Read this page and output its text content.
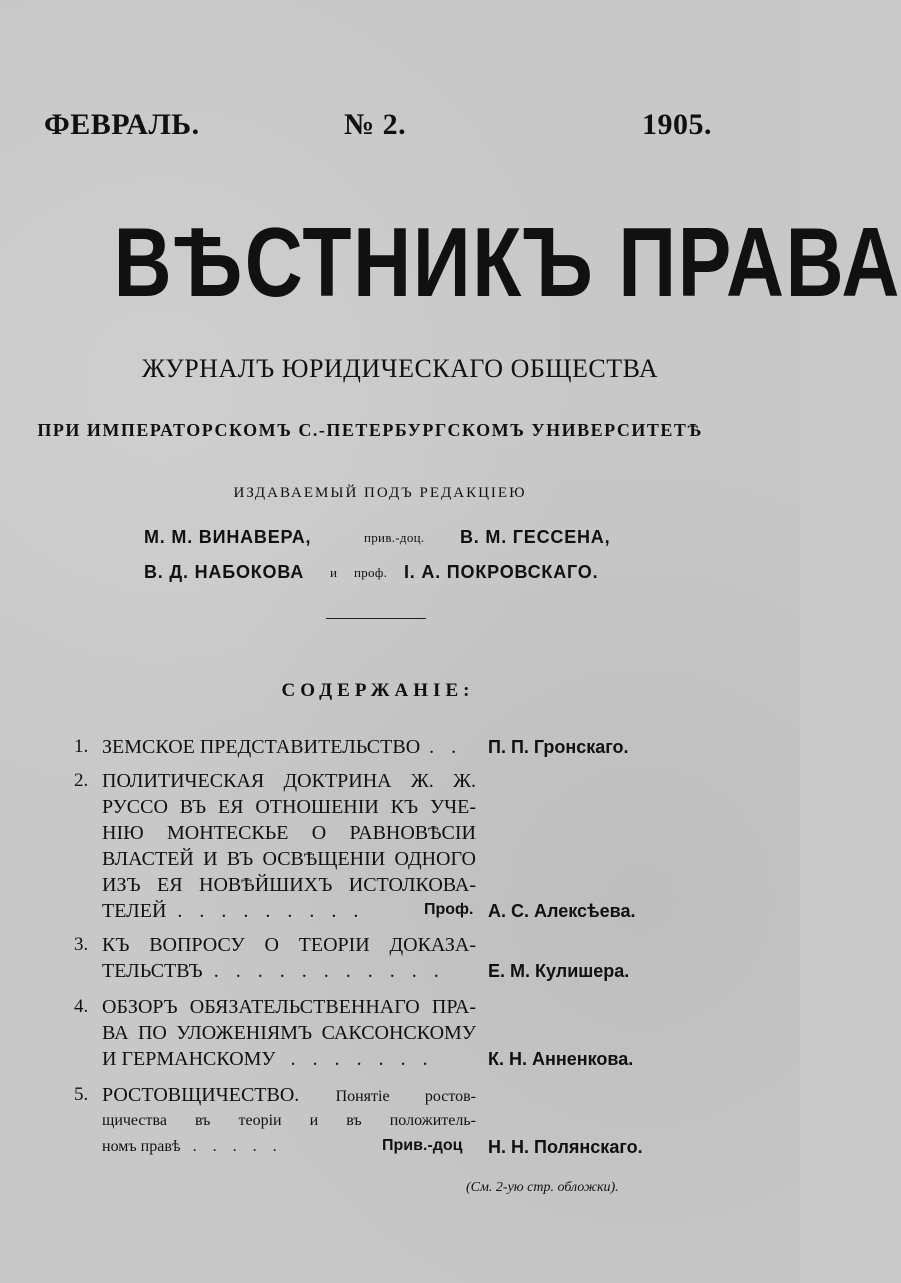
ФЕВРАЛЬ.	№ 2.	1905.
ВѢСТНИКЪ ПРАВА
ЖУРНАЛЪ ЮРИДИЧЕСКАГО ОБЩЕСТВА
ПРИ ИМПЕРАТОРСКОМЪ С.-ПЕТЕРБУРГСКОМЪ УНИВЕРСИТЕТѢ
ИЗДАВАЕМЫЙ ПОДЪ РЕДАКЦІЕЮ
М. М. ВИНАВЕРА,	прив.-доц. В. М. ГЕССЕНА,
В. Д. НАБОКОВА и проф. І. А. ПОКРОВСКАГО.
СОДЕРЖАНІЕ:
1. ЗЕМСКОЕ ПРЕДСТАВИТЕЛЬСТВО . .	П. П. Гронскаго.
2. ПОЛИТИЧЕСКАЯ ДОКТРИНА Ж. Ж.
РУССО ВЪ ЕЯ ОТНОШЕНІИ КЪ УЧЕ-
НІЮ МОНТЕСКЬЕ О РАВНОВѢСІИ
ВЛАСТЕЙ И ВЪ ОСВѢЩЕНІИ ОДНОГО
ИЗЪ ЕЯ НОВѢЙШИХЪ ИСТОЛКОВА-
ТЕЛЕЙ . . . . . . . . .	Проф. А. С. Алексѣева.
3. КЪ ВОПРОСУ О ТЕОРІИ ДОКАЗА-
ТЕЛЬСТВЪ . . . . . . . . . . .	Е. М. Кулишера.
4. ОБЗОРЪ ОБЯЗАТЕЛЬСТВЕННАГО ПРА-
ВА ПО УЛОЖЕНІЯМЪ САКСОНСКОМУ
И ГЕРМАНСКОМУ . . . . . . .	К. Н. Анненкова.
5. РОСТОВЩИЧЕСТВО. Понятіе ростов-
щичества въ теоріи и въ положитель-
номъ правѣ . . . . .	Прив.-доц Н. Н. Полянскаго.
(См. 2-ую стр. обложки).
